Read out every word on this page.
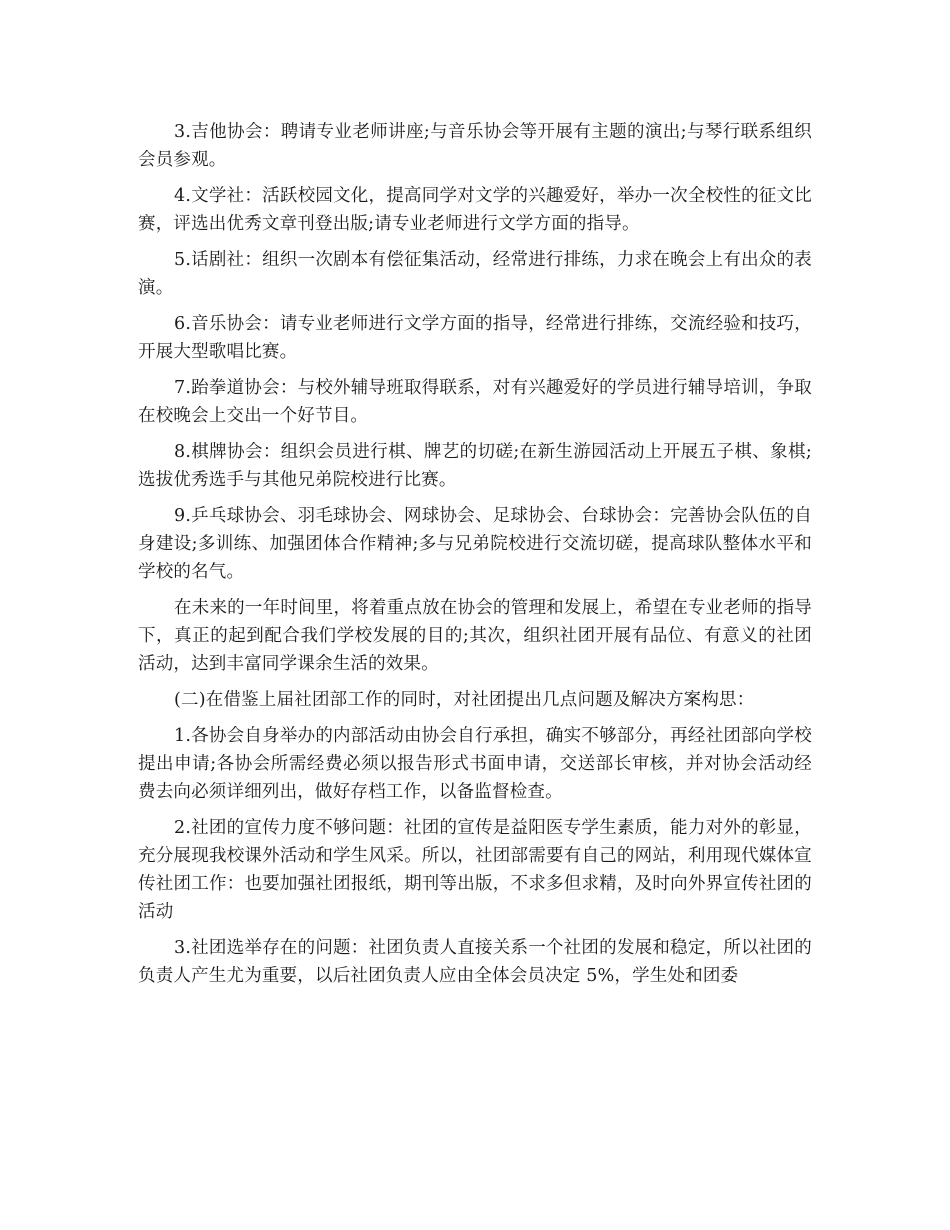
3.吉他协会：聘请专业老师讲座;与音乐协会等开展有主题的演出;与琴行联系组织会员参观。

4.文学社：活跃校园文化，提高同学对文学的兴趣爱好，举办一次全校性的征文比赛，评选出优秀文章刊登出版;请专业老师进行文学方面的指导。

5.话剧社：组织一次剧本有偿征集活动，经常进行排练，力求在晚会上有出众的表演。

6.音乐协会：请专业老师进行文学方面的指导，经常进行排练，交流经验和技巧，开展大型歌唱比赛。

7.跆拳道协会：与校外辅导班取得联系，对有兴趣爱好的学员进行辅导培训，争取在校晚会上交出一个好节目。

8.棋牌协会：组织会员进行棋、牌艺的切磋;在新生游园活动上开展五子棋、象棋;选拔优秀选手与其他兄弟院校进行比赛。

9.乒乓球协会、羽毛球协会、网球协会、足球协会、台球协会：完善协会队伍的自身建设;多训练、加强团体合作精神;多与兄弟院校进行交流切磋，提高球队整体水平和学校的名气。

在未来的一年时间里，将着重点放在协会的管理和发展上，希望在专业老师的指导下，真正的起到配合我们学校发展的目的;其次，组织社团开展有品位、有意义的社团活动，达到丰富同学课余生活的效果。

(二)在借鉴上届社团部工作的同时，对社团提出几点问题及解决方案构思：

1.各协会自身举办的内部活动由协会自行承担，确实不够部分，再经社团部向学校提出申请;各协会所需经费必须以报告形式书面申请，交送部长审核，并对协会活动经费去向必须详细列出，做好存档工作，以备监督检查。

2.社团的宣传力度不够问题：社团的宣传是益阳医专学生素质，能力对外的彰显，充分展现我校课外活动和学生风采。所以，社团部需要有自己的网站，利用现代媒体宣传社团工作：也要加强社团报纸，期刊等出版，不求多但求精，及时向外界宣传社团的活动

3.社团选举存在的问题：社团负责人直接关系一个社团的发展和稳定，所以社团的负责人产生尤为重要，以后社团负责人应由全体会员决定 5%，学生处和团委
